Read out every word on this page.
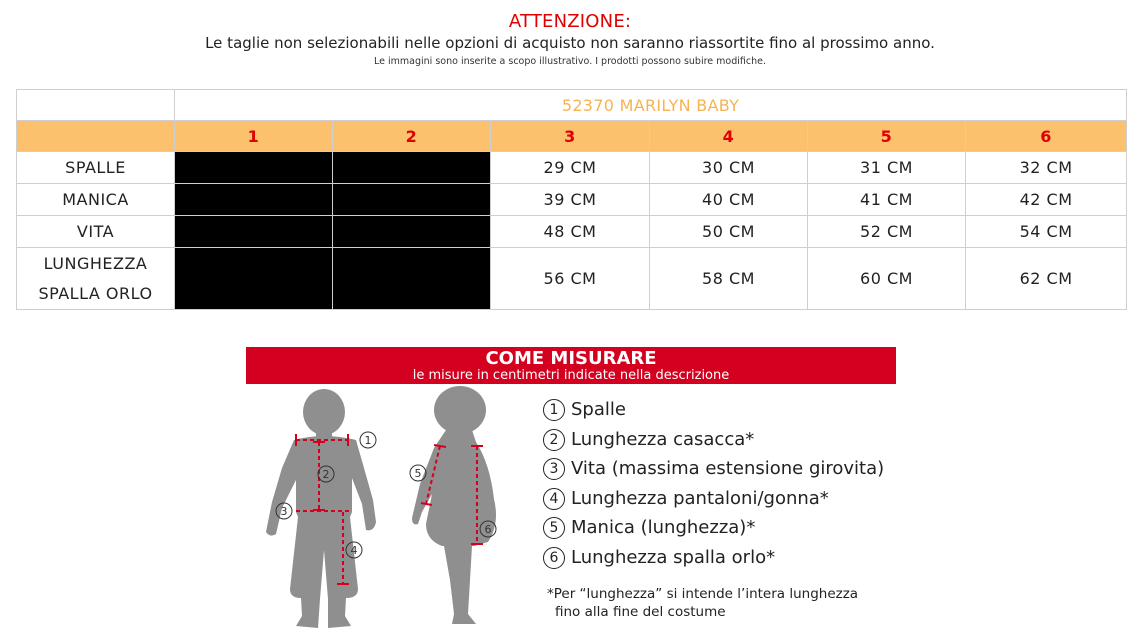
ATTENZIONE:
Le taglie non selezionabili nelle opzioni di acquisto non saranno riassortite fino al prossimo anno.
Le immagini sono inserite a scopo illustrativo. I prodotti possono subire modifiche.
	52370 MARILYN BABY					
	1	2	3	4	5	6
SPALLE			29 CM	30 CM	31 CM	32 CM
MANICA			39 CM	40 CM	41 CM	42 CM
VITA			48 CM	50 CM	52 CM	54 CM

LUNGHEZZA
SPALLA ORLO			56 CM	58 CM	60 CM	62 CM
COME MISURARE
le misure in centimetri indicate nella descrizione
1
2
3
4
5
6
1 Spalle
2 Lunghezza casacca*
3 Vita (massima estensione girovita)
4 Lunghezza pantaloni/gonna*
5 Manica (lunghezza)*
6 Lunghezza spalla orlo*
*Per “lunghezza” si intende l’intera lunghezza
fino alla fine del costume
